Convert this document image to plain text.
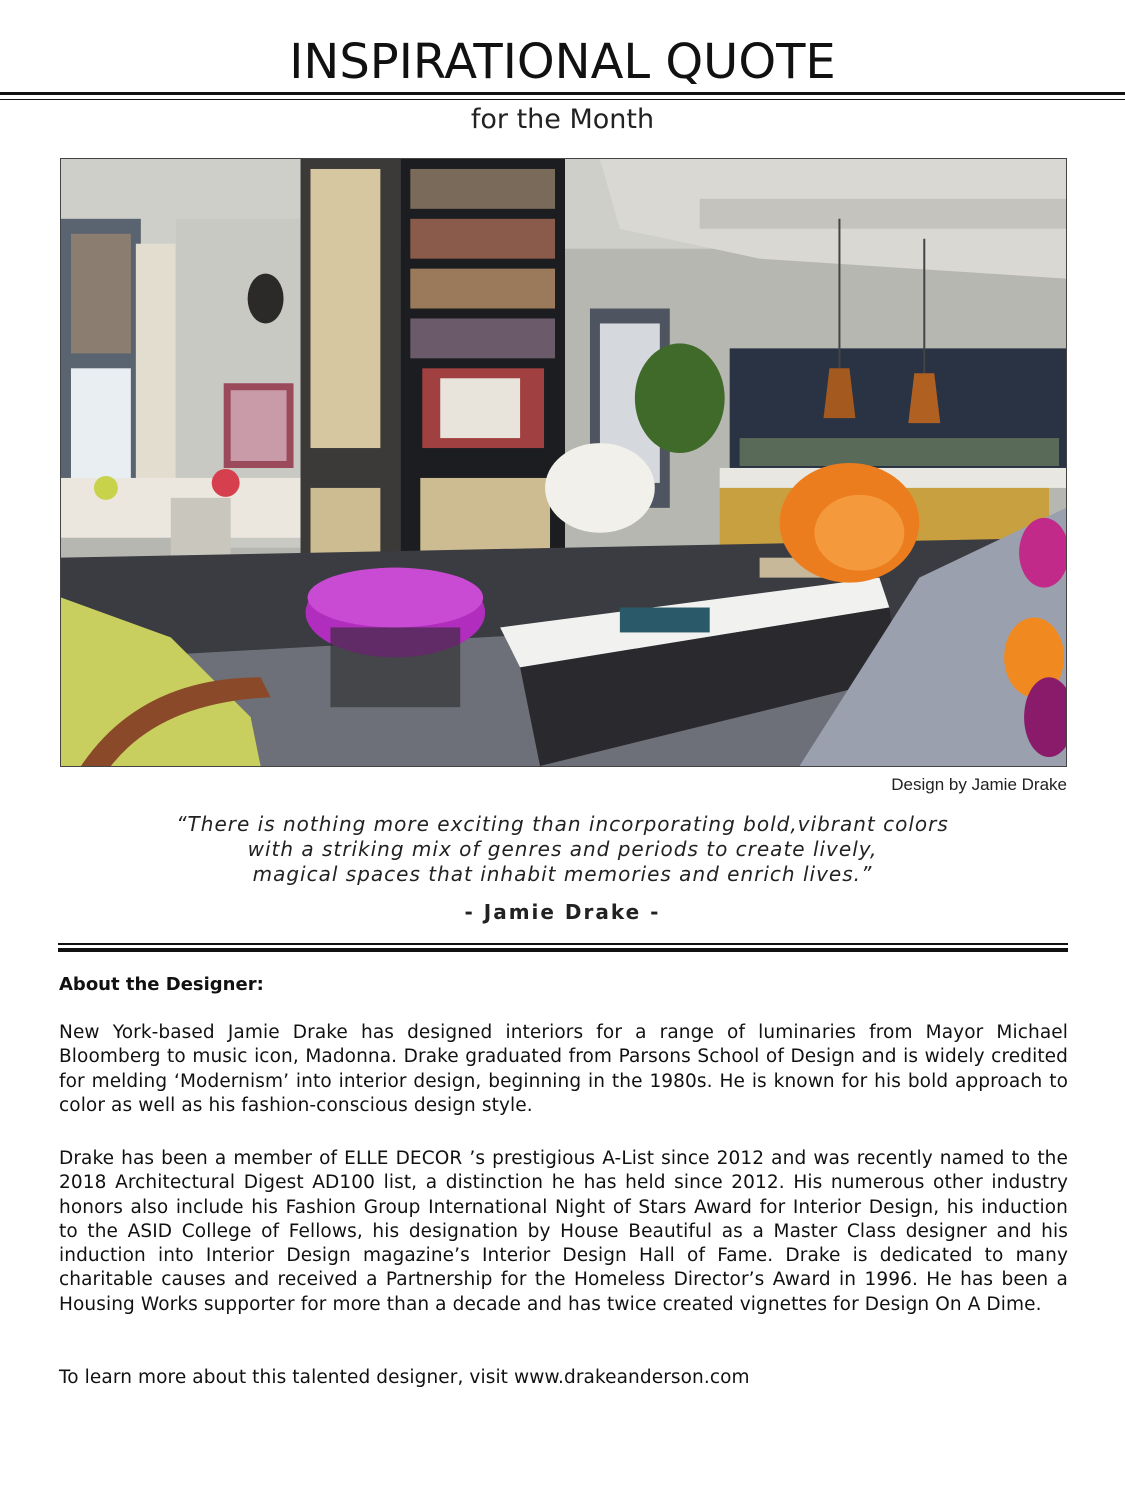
INSPIRATIONAL QUOTE

for the Month

Design by Jamie Drake

“There is nothing more exciting than incorporating bold,vibrant colors
with a striking mix of genres and periods to create lively,
magical spaces that inhabit memories and enrich lives.”

- Jamie Drake -

About the Designer:

New York-based Jamie Drake has designed interiors for a range of luminaries from Mayor Michael Bloomberg to music icon, Madonna. Drake graduated from Parsons School of Design and is widely credited for melding ‘Modernism’ into interior design, beginning in the 1980s. He is known for his bold approach to color as well as his fashion-conscious design style.

Drake has been a member of ELLE DECOR ’s prestigious A-List since 2012 and was recently named to the 2018 Architectural Digest AD100 list, a distinction he has held since 2012. His numerous other industry honors also include his Fashion Group International Night of Stars Award for Interior Design, his induction to the ASID College of Fellows, his designation by House Beautiful as a Master Class designer and his induction into Interior Design magazine’s Interior Design Hall of Fame. Drake is dedicated to many charitable causes and received a Partnership for the Homeless Director’s Award in 1996. He has been a Housing Works supporter for more than a decade and has twice created vignettes for Design On A Dime.

To learn more about this talented designer, visit www.drakeanderson.com
